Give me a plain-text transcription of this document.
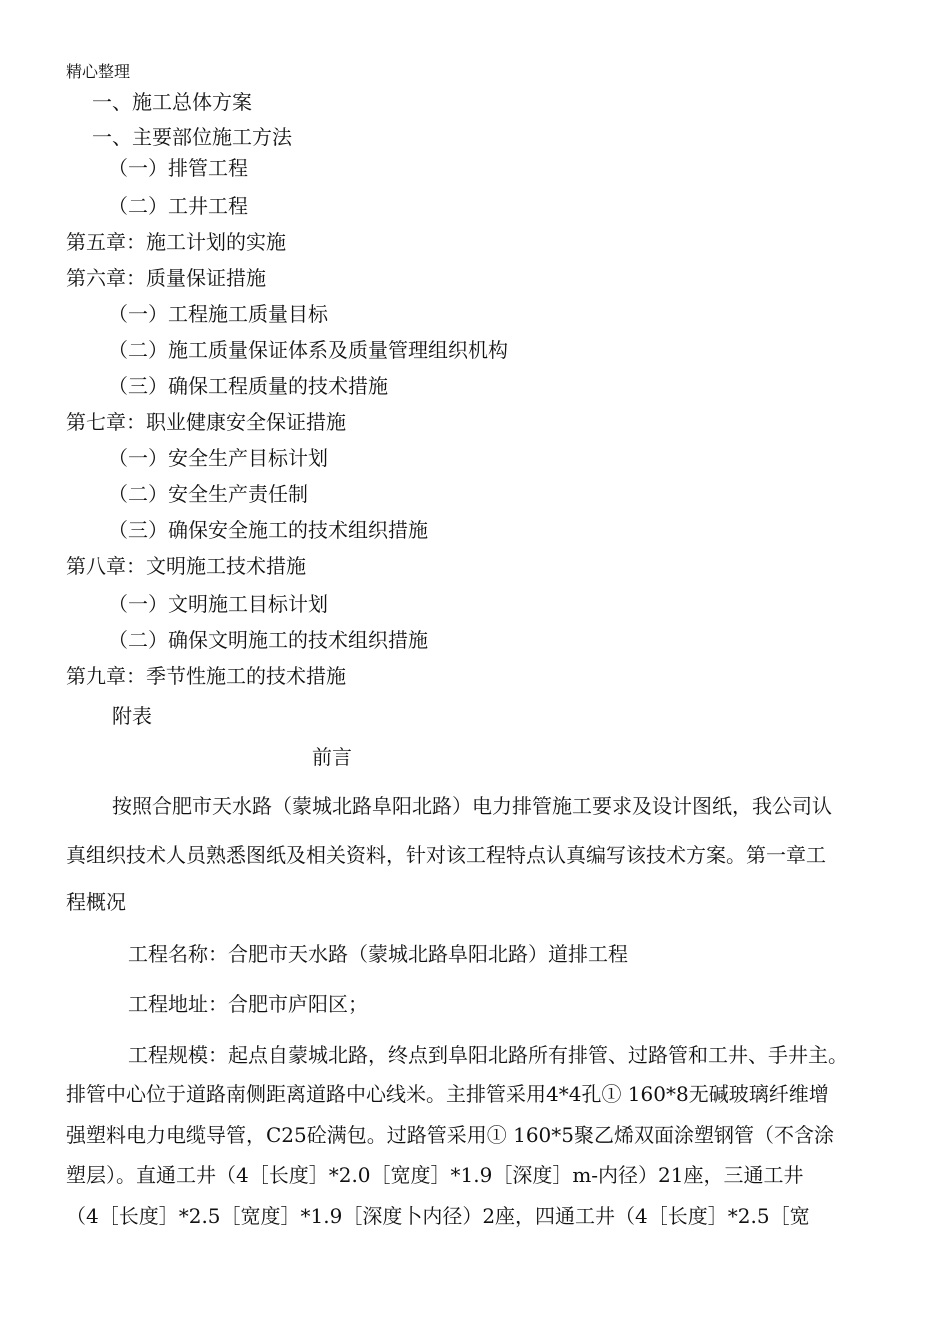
精心整理
一、施工总体方案
一、主要部位施工方法
（一）排管工程
（二）工井工程
第五章：施工计划的实施
第六章：质量保证措施
（一）工程施工质量目标
（二）施工质量保证体系及质量管理组织机构
（三）确保工程质量的技术措施
第七章：职业健康安全保证措施
（一）安全生产目标计划
（二）安全生产责任制
（三）确保安全施工的技术组织措施
第八章：文明施工技术措施
（一）文明施工目标计划
（二）确保文明施工的技术组织措施
第九章：季节性施工的技术措施
附表
前言
按照合肥市天水路（蒙城北路阜阳北路）电力排管施工要求及设计图纸，我公司认
真组织技术人员熟悉图纸及相关资料，针对该工程特点认真编写该技术方案。第一章工
程概况
工程名称：合肥市天水路（蒙城北路阜阳北路）道排工程
工程地址：合肥市庐阳区；
工程规模：起点自蒙城北路，终点到阜阳北路所有排管、过路管和工井、手井主。
排管中心位于道路南侧距离道路中心线米。主排管采用4*4孔① 160*8无碱玻璃纤维增
强塑料电力电缆导管，C25砼满包。过路管采用① 160*5聚乙烯双面涂塑钢管（不含涂
塑层）。直通工井（4［长度］*2.0［宽度］*1.9［深度］m-内径）21座，三通工井
（4［长度］*2.5［宽度］*1.9［深度卜内径）2座，四通工井（4［长度］*2.5［宽
